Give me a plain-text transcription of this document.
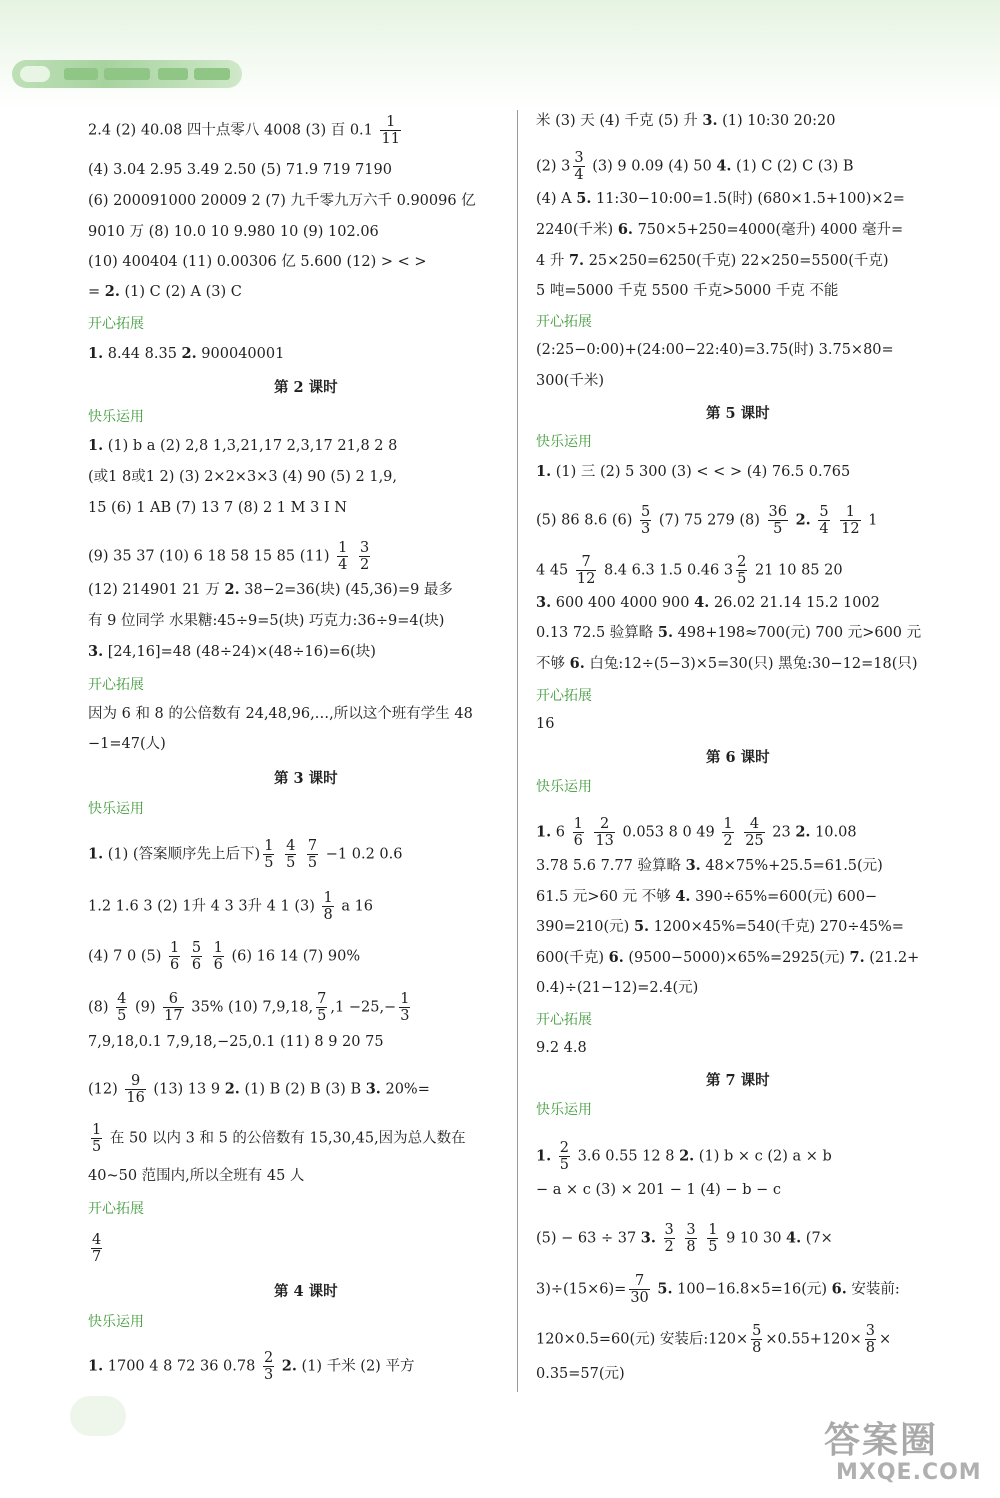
2.4 (2) 40.08 四十点零八 4008 (3) 百 $0.1 \frac{1}{11}$
(4) 3.04 2.95 3.49 2.50 (5) 71.9 719 7190
(6) 200091000 20009 2 (7) 九千零九万六千 0.90096 亿
9010 万 (8) 10.0 10 9.980 10 (9) 102.06
(10) 400404 (11) 0.00306 亿 5.600 (12) > < >
= 2. (1) C (2) A (3) C
1. 8.44 8.35 2. 900040001
1. (1) b a (2) 2,8 1,3,21,17 2,3,17 21,8 2 8
(或1 8或1 2) (3) 2×2×3×3 (4) 90 (5) 2 1,9,
15 (6) 1 AB (7) 13 7 (8) 2 1 M 3 I N
(9) 35 37 (10) 6 18 58 15 85 $(11) \frac{1}{4}$
$\frac{3}{2}$
(12) 214901 21 万 2. 38−2=36(块) (45,36)=9 最多
有 9 位同学 水果糖:45÷9=5(块) 巧克力:36÷9=4(块)
3. [24,16]=48 (48÷24)×(48÷16)=6(块)
因为 6 和 8 的公倍数有 24,48,96,…,所以这个班有学生 48
−1=47(人)
1. (1) (答案顺序先上后下) $\frac{1}{5}$
$\frac{4}{5}$
$\frac{7}{5} -1$ 0.2 0.6
1.2 1.6 3 (2) 1升 4 3 3升 4 1 $(3) \frac{1}{8}$ a 16
(4) 7 0 $(5) \frac{1}{6}$
$\frac{5}{6}$
$\frac{1}{6} (6)$ 16 14 (7) 90%
$(8) \frac{4}{5} (9) \frac{6}{17} 35\%$ (10) 7,9,18, $\frac{7}{5} ,1 -25,- \frac{1}{3}$
7,9,18,0.1 7,9,18,−25,0.1 (11) 8 9 20 75
$(12) \frac{9}{16} (13)$ 13 9 2. (1) B (2) B (3) B 3. 20%=
$\frac{1}{5}$ 在 50 以内 3 和 5 的公倍数有 15,30,45,因为总人数在
40~50 范围内,所以全班有 45 人
$\frac{4}{7}$
1. 1700 4 8 72 36 $0.78 \frac{2}{3} 2$. (1) 千米 (2) 平方
第 2 课时
第 3 课时
第 4 课时
开心拓展
快乐运用
开心拓展
快乐运用
开心拓展
快乐运用
米 (3) 天 (4) 千克 (5) 升 3. (1) 10:30 20:20
(2) $3 \frac{3}{4} (3)$ 9 0.09 (4) 50 4. (1) C (2) C (3) B
(4) A 5. 11:30−10:00=1.5(时) (680×1.5+100)×2=
2240(千米) 6. 750×5+250=4000(毫升) 4000 毫升=
4 升 7. 25×250=6250(千克) 22×250=5500(千克)
5 吨=5000 千克 5500 千克>5000 千克 不能
(2:25−0:00)+(24:00−22:40)=3.75(时) 3.75×80=
300(千米)
1. (1) 三 (2) 5 300 (3) < < > (4) 76.5 0.765
(5) 86 8.6 $(6) \frac{5}{3} (7)$ 75 279 $(8) \frac{36}{5} 2$. $\frac{5}{4}$
$\frac{1}{12} 1$
4 $45 \frac{7}{12} 8.4$ 6.3 1.5 0.46 $3 \frac{2}{5} 21$ 10 85 20
3. 600 400 4000 900 4. 26.02 21.14 15.2 1002
0.13 72.5 验算略 5. 498+198≈700(元) 700 元>600 元
不够 6. 白兔:12÷(5−3)×5=30(只) 黑兔:30−12=18(只)
16
1. $6 \frac{1}{6}$
$\frac{2}{13} 0.053$ 8 0 $49 \frac{1}{2}$
$\frac{4}{25} 23$ 2. 10.08
3.78 5.6 7.77 验算略 3. 48×75%+25.5=61.5(元)
61.5 元>60 元 不够 4. 390÷65%=600(元) 600−
390=210(元) 5. 1200×45%=540(千克) 270÷45%=
600(千克) 6. (9500−5000)×65%=2925(元) 7. (21.2+
0.4)÷(21−12)=2.4(元)
9.2 4.8
1. $\frac{2}{5} 3.6$ 0.55 12 8 2. (1) b × c (2) a × b
− a × c (3) × 201 − 1 (4) − b − c
(5) − 63 ÷ 37 3. $\frac{3}{2}$
$\frac{3}{8}$
$\frac{1}{5} 9$ 10 30 4. (7×
$3)\div(15\times 6)= \frac{7}{30} 5$. 100−16.8×5=16(元) 6. 安装前:
120×0.5=60(元) 安装后:120× $\frac{5}{8} \times 0.55+120\times \frac{3}{8}$ ×
0.35=57(元)
第 5 课时
第 6 课时
第 7 课时
开心拓展
快乐运用
开心拓展
快乐运用
开心拓展
快乐运用
答案圈
MXQE.COM
